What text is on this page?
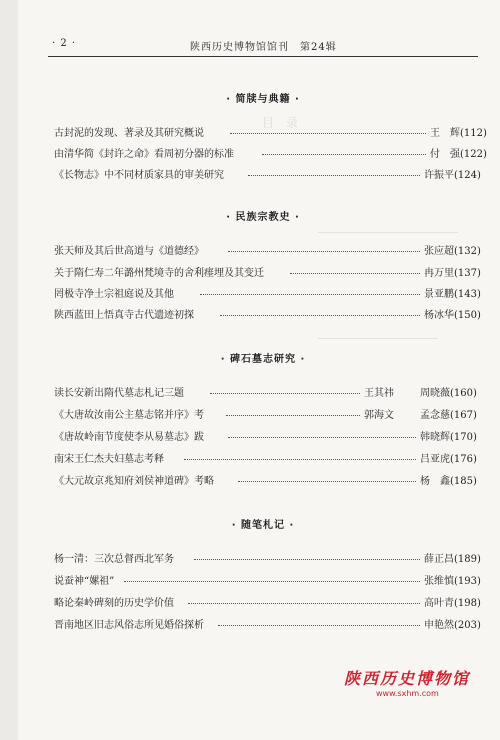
目　录
· 2 ·	陕西历史博物馆馆刊　第24辑
· 简牍与典籍 ·
古封泥的发现、著录及其研究概说	王　辉(112)
由清华简《封许之命》看周初分器的标准	付　强(122)
《长物志》中不同材质家具的审美研究	许振平(124)
· 民族宗教史 ·
张天师及其后世高道与《道德经》	张应超(132)
关于隋仁寿二年潞州梵境寺的舍利瘗埋及其变迁	冉万里(137)
罔极寺净土宗祖庭说及其他	景亚鹏(143)
陕西蓝田上悟真寺古代遗迹初探	杨冰华(150)
· 碑石墓志研究 ·
读长安新出隋代墓志札记三题	王其祎	周晓薇(160)
《大唐故汝南公主墓志铭并序》考	郭海文	孟念慈(167)
《唐故岭南节度使李从易墓志》跋	韩晓辉(170)
南宋王仁杰夫妇墓志考释	吕亚虎(176)
《大元故京兆知府刘侯神道碑》考略	杨　鑫(185)
· 随笔札记 ·
杨一清：三次总督西北军务	薛正昌(189)
说蚕神“嫘祖”	张维慎(193)
略论秦岭碑刻的历史学价值	高叶青(198)
晋南地区旧志风俗志所见婚俗探析	申艳然(203)
陕西历史博物馆
www.sxhm.com
